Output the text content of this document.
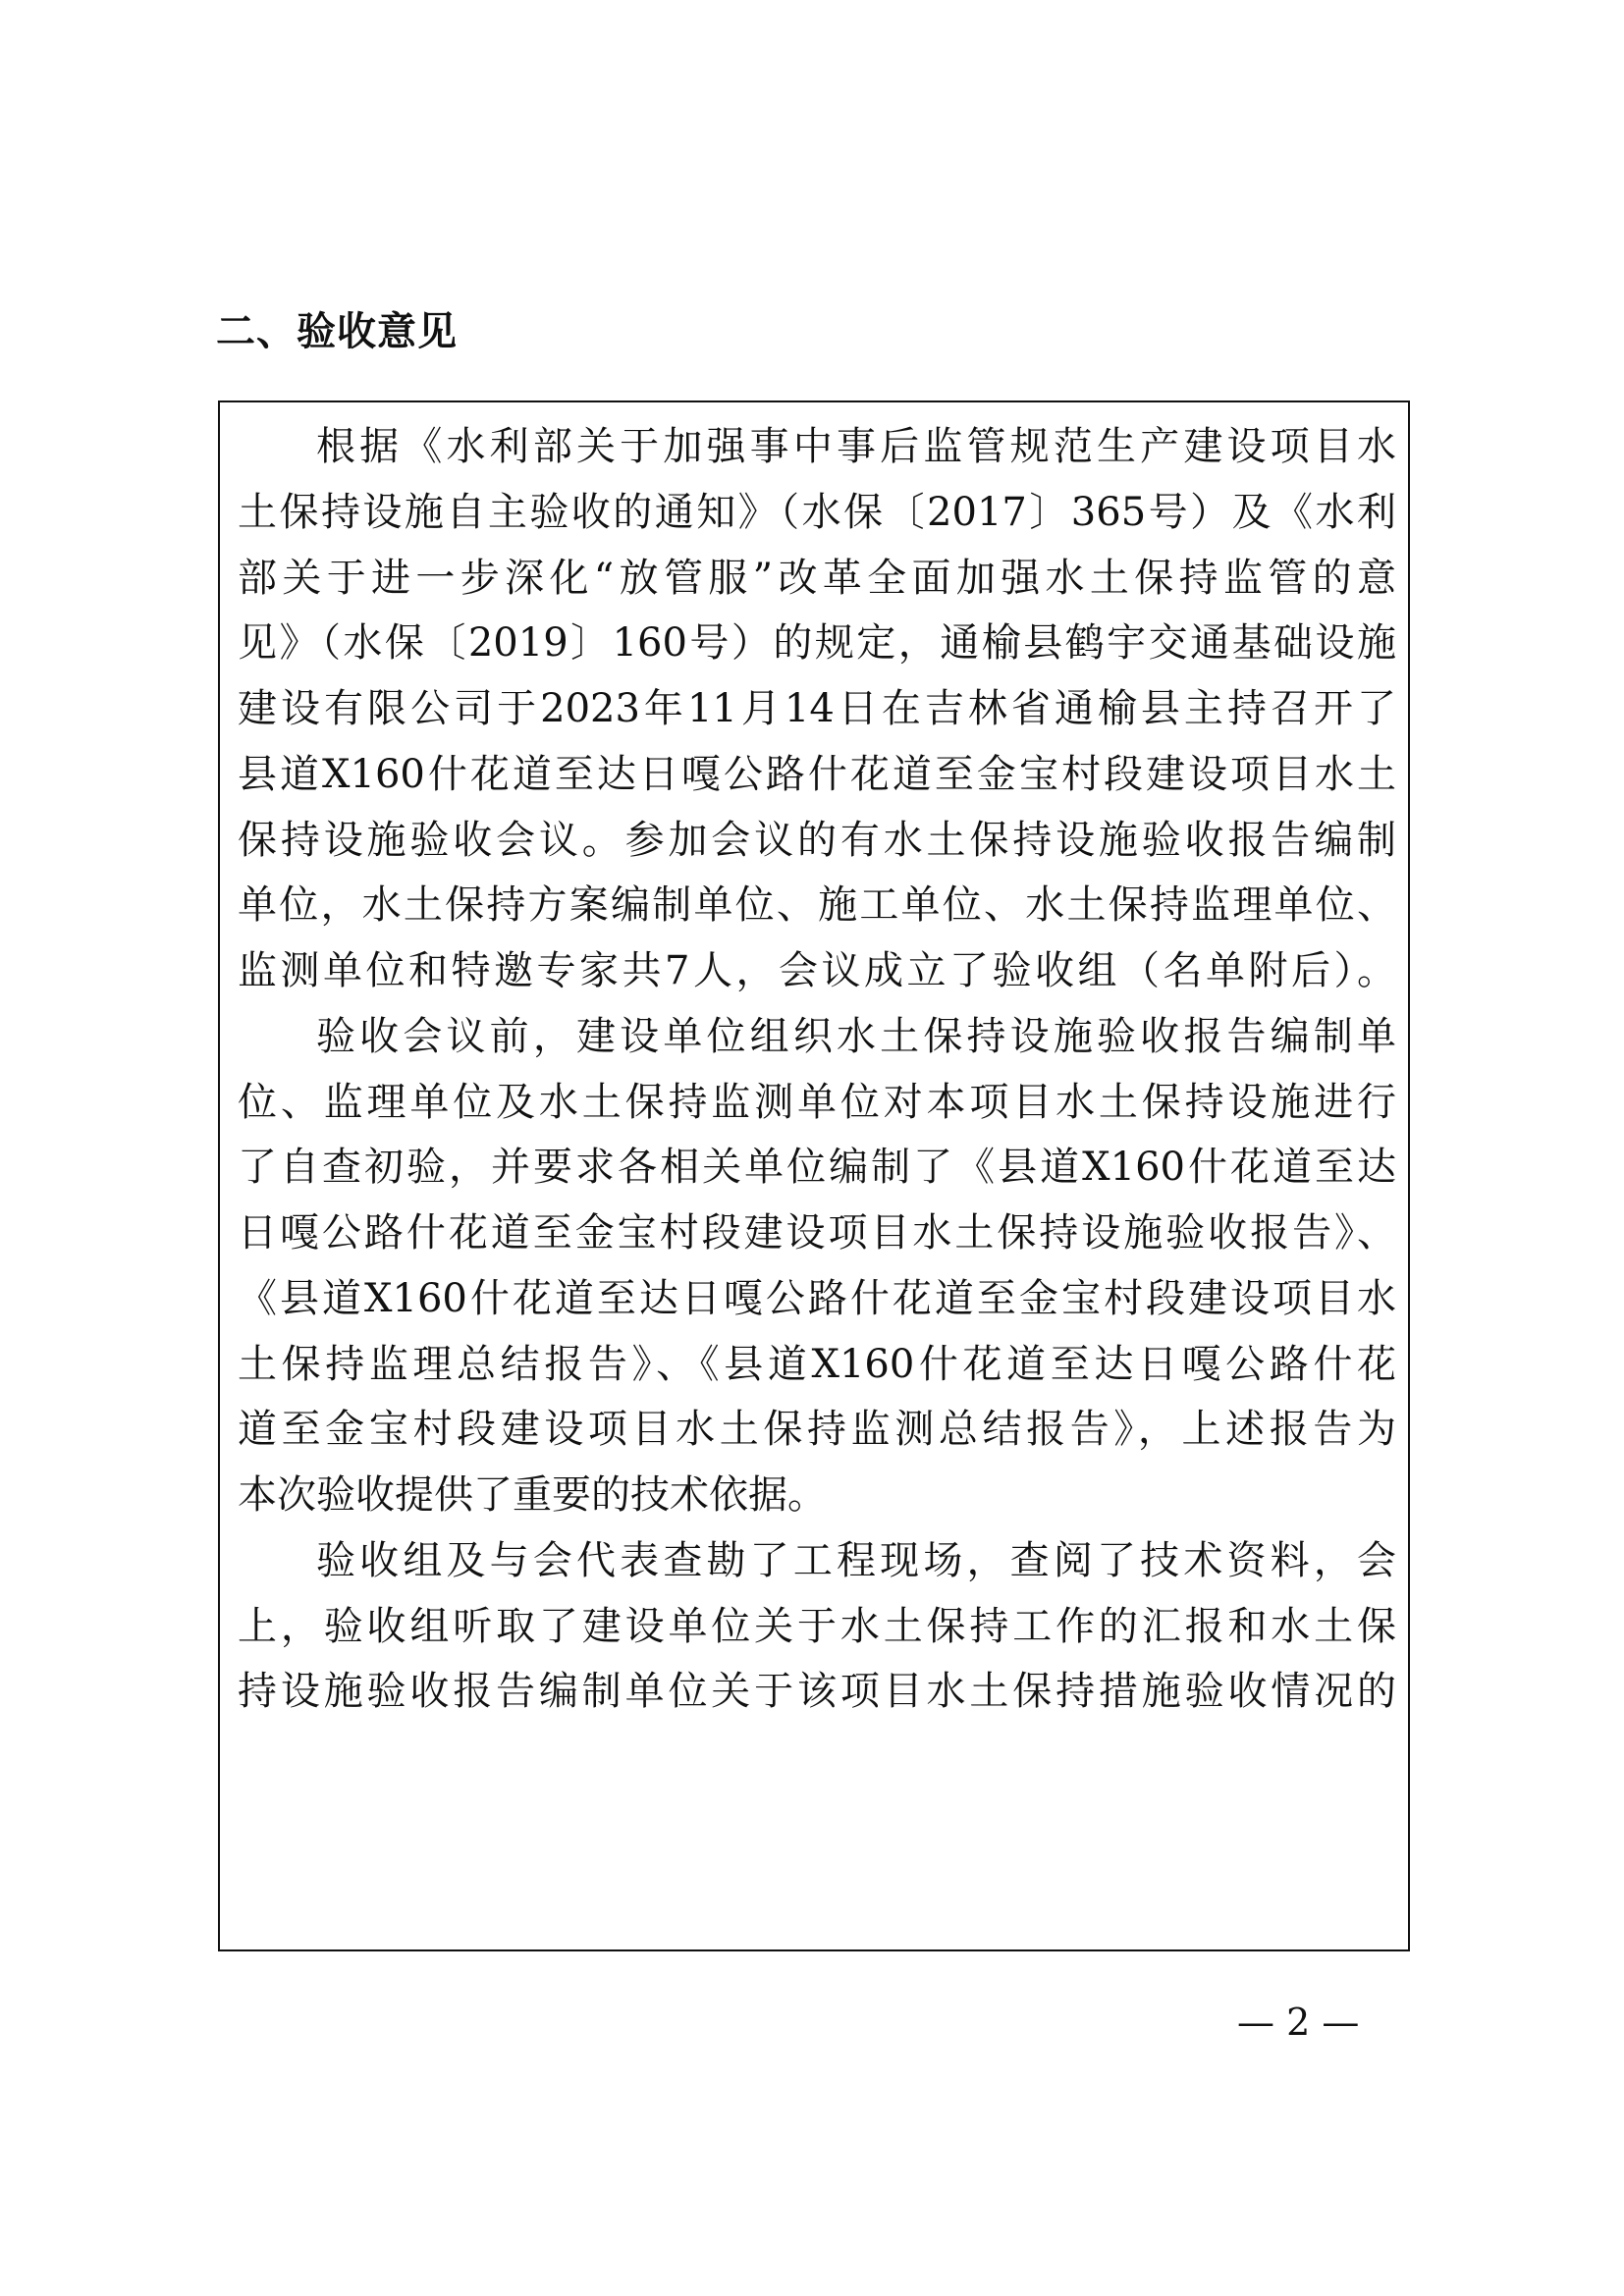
二、验收意见
根据《水利部关于加强事中事后监管规范生产建设项目水
土保持设施自主验收的通知》（水保〔2017〕365号）及《水利
部关于进一步深化“放管服”改革全面加强水土保持监管的意
见》（水保〔2019〕160号）的规定，通榆县鹤宇交通基础设施
建设有限公司于2023年11月14日在吉林省通榆县主持召开了
县道X160什花道至达日嘎公路什花道至金宝村段建设项目水土
保持设施验收会议。参加会议的有水土保持设施验收报告编制
单位，水土保持方案编制单位、施工单位、水土保持监理单位、
监测单位和特邀专家共7人，会议成立了验收组（名单附后）。
验收会议前，建设单位组织水土保持设施验收报告编制单
位、监理单位及水土保持监测单位对本项目水土保持设施进行
了自查初验，并要求各相关单位编制了《县道X160什花道至达
日嘎公路什花道至金宝村段建设项目水土保持设施验收报告》、
《县道X160什花道至达日嘎公路什花道至金宝村段建设项目水
土保持监理总结报告》、《县道X160什花道至达日嘎公路什花
道至金宝村段建设项目水土保持监测总结报告》，上述报告为
本次验收提供了重要的技术依据。
验收组及与会代表查勘了工程现场，查阅了技术资料，会
上，验收组听取了建设单位关于水土保持工作的汇报和水土保
持设施验收报告编制单位关于该项目水土保持措施验收情况的
— 2 —
